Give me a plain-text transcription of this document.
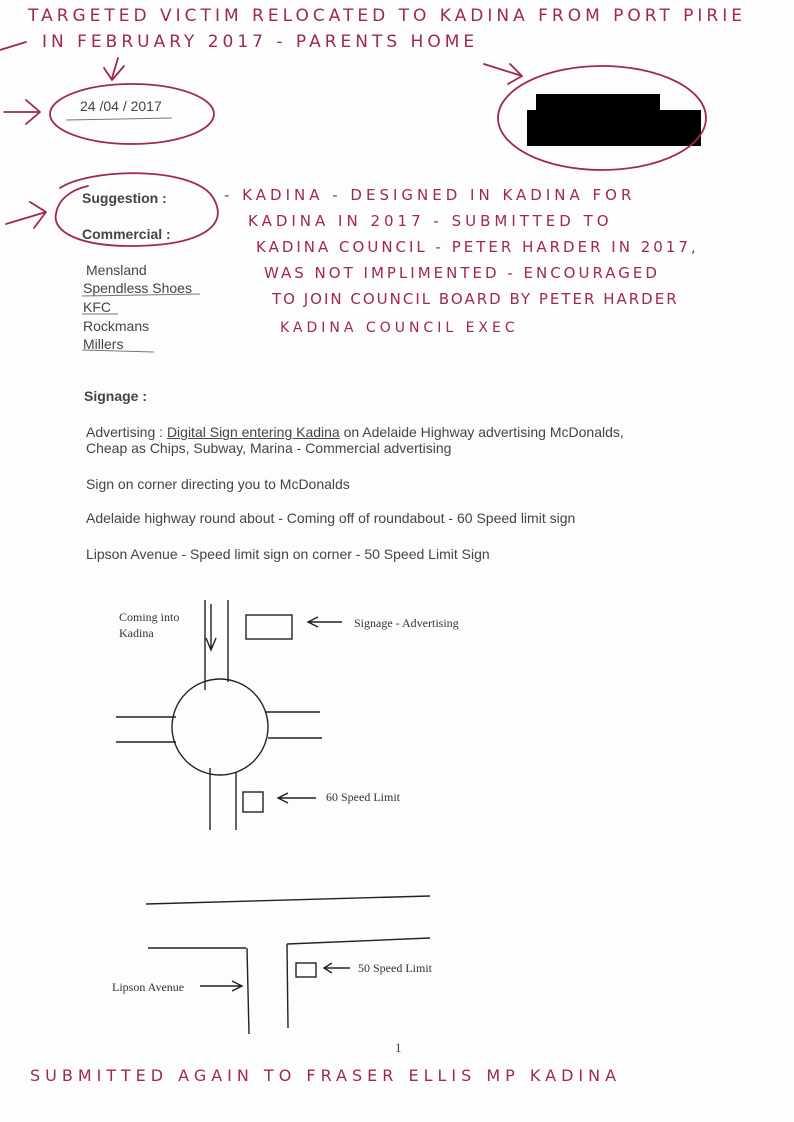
TARGETED VICTIM RELOCATED TO KADINA FROM PORT PIRIE
IN FEBRUARY 2017 - PARENTS HOME
24 /04 / 2017
Suggestion :
Commercial :
Mensland
Spendless Shoes
KFC
Rockmans
Millers
- KADINA - DESIGNED IN KADINA FOR
KADINA IN 2017 - SUBMITTED TO
KADINA COUNCIL - PETER HARDER IN 2017,
WAS NOT IMPLIMENTED - ENCOURAGED
TO JOIN COUNCIL BOARD BY PETER HARDER
KADINA COUNCIL EXEC
Signage :
Advertising : Digital Sign entering Kadina on Adelaide Highway advertising McDonalds,
Cheap as Chips, Subway, Marina - Commercial advertising
Sign on corner directing you to McDonalds
Adelaide highway round about - Coming off of roundabout - 60 Speed limit sign
Lipson Avenue - Speed limit sign on corner - 50 Speed Limit Sign
Coming into
Kadina
Signage - Advertising
60 Speed Limit
Lipson Avenue
50 Speed Limit
1
SUBMITTED AGAIN TO FRASER ELLIS MP KADINA
